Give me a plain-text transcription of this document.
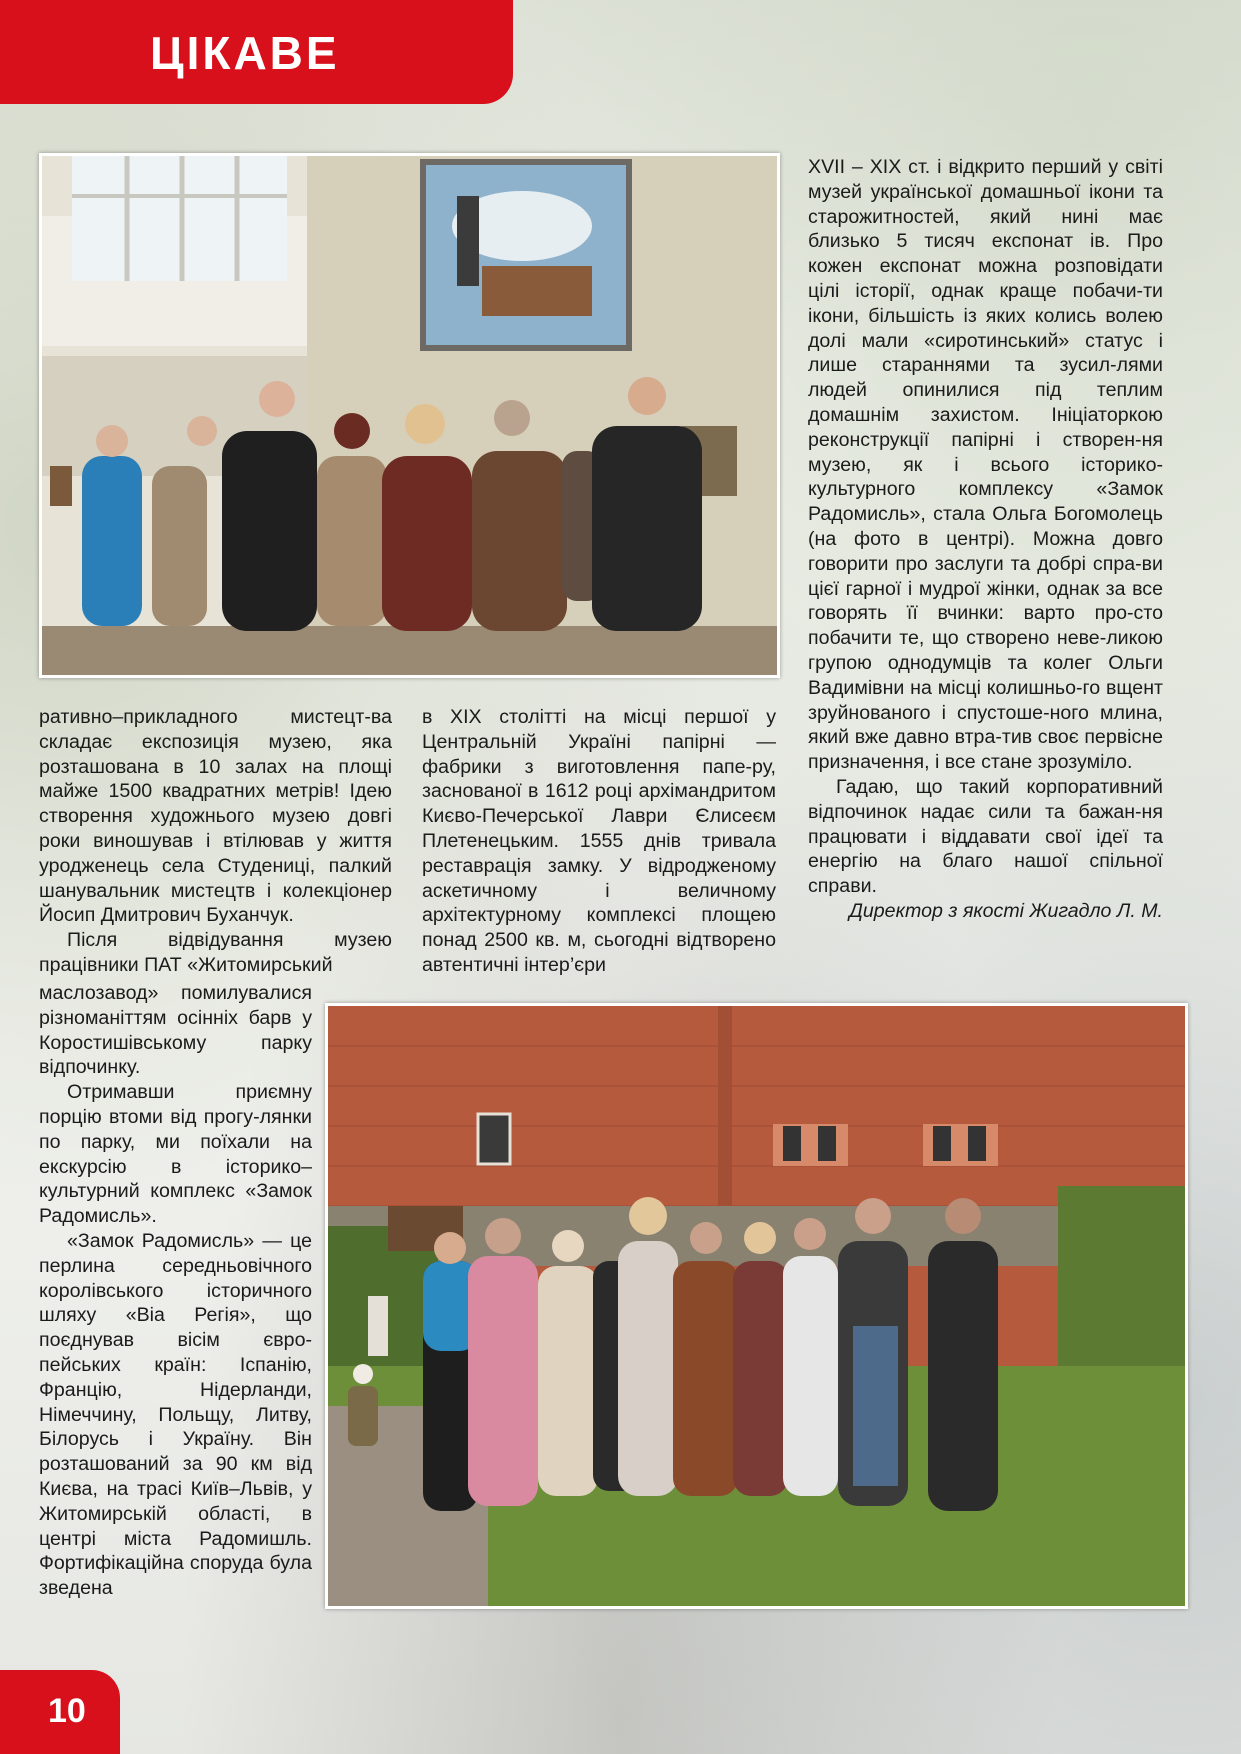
ЦІКАВЕ

XVII – XIX ст. і відкрито перший у світі музей української домашньої ікони та старожитностей, який нині має близько 5 тисяч експонат ів. Про кожен експонат можна розповідати цілі історії, однак краще побачи-ти ікони, більшість із яких колись волею долі мали «сиротинський» статус і лише стараннями та зусил-лями людей опинилися під теплим домашнім захистом. Ініціаторкою реконструкції папірні і створен-ня музею, як і всього історико-культурного комплексу «Замок Радомисль», стала Ольга Богомолець (на фото в центрі). Можна довго говорити про заслуги та добрі спра-ви цієї гарної і мудрої жінки, однак за все говорять її вчинки: варто про-сто побачити те, що створено неве-ликою групою однодумців та колег Ольги Вадимівни на місці колишньо-го вщент зруйнованого і спустоше-ного млина, який вже давно втра-тив своє первісне призначення, і все стане зрозуміло.

Гадаю, що такий корпоративний відпочинок надає сили та бажан-ня працювати і віддавати свої ідеї та енергію на благо нашої спільної справи.

Директор з якості Жигадло Л. М.

ративно–прикладного мистецт-ва складає експозиція музею, яка розташована в 10 залах на площі майже 1500 квадратних метрів! Ідею створення художнього музею довгі роки виношував і втілював у життя уродженець села Студениці, палкий шанувальник мистецтв і колекціонер Йосип Дмитрович Буханчук.

Після відвідування музею працівники ПАТ «Житомирський

маслозавод» помилувалися різноманіттям осінніх барв у Коростишівському парку відпочинку.

Отримавши приємну порцію втоми від прогу-лянки по парку, ми поїхали на екскурсію в історико–культурний комплекс «Замок Радомисль».

«Замок Радомисль» — це перлина середньовічного королівського історичного шляху «Віа Регія», що поєднував вісім євро-пейських країн: Іспанію, Францію, Нідерланди, Німеччину, Польщу, Литву, Білорусь і Україну. Він розташований за 90 км від Києва, на трасі Київ–Львів, у Житомирській області, в центрі міста Радомишль. Фортифікаційна споруда була зведена

в XIX столітті на місці першої у Центральній Україні папірні — фабрики з виготовлення папе-ру, заснованої в 1612 році архімандритом Києво-Печерської Лаври Єлисеєм Плетенецьким. 1555 днів тривала реставрація замку. У відродженому аскетичному і величному архітектурному комплексі площею понад 2500 кв. м, сьогодні відтворено автентичні інтер’єри

10
